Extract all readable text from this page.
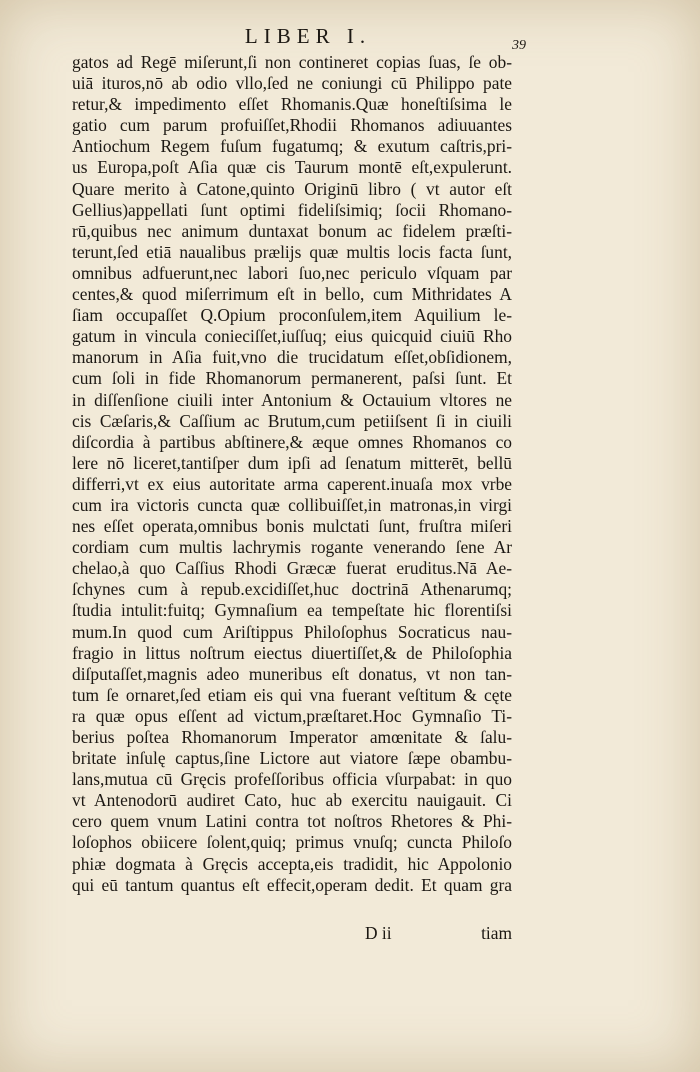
LIBER I.	39
gatos ad Regē miſerunt,ſi non contineret copias ſuas, ſe ob-
uiā ituros,nō ab odio vllo,ſed ne coniungi cū Philippo pate
retur,& impedimento eſſet Rhomanis.Quæ honeſtiſsima le
gatio cum parum profuiſſet,Rhodii Rhomanos adiuuantes
Antiochum Regem fuſum fugatumq; & exutum caſtris,pri-
us Europa,poſt Aſia quæ cis Taurum montē eſt,expulerunt.
Quare merito à Catone,quinto Originū libro ( vt autor eſt
Gellius)appellati ſunt optimi fideliſsimiq; ſocii Rhomano-
rū,quibus nec animum duntaxat bonum ac fidelem præſti-
terunt,ſed etiā naualibus prælijs quæ multis locis facta ſunt,
omnibus adfuerunt,nec labori ſuo,nec periculo vſquam par
centes,& quod miſerrimum eſt in bello, cum Mithridates A
ſiam occupaſſet Q.Opium proconſulem,item Aquilium le-
gatum in vincula conieciſſet,iuſſuq; eius quicquid ciuiū Rho
manorum in Aſia fuit,vno die trucidatum eſſet,obſidionem,
cum ſoli in fide Rhomanorum permanerent, paſsi ſunt. Et
in diſſenſione ciuili inter Antonium & Octauium vltores ne
cis Cæſaris,& Caſſium ac Brutum,cum petiiſsent ſi in ciuili
diſcordia à partibus abſtinere,& æque omnes Rhomanos co
lere nō liceret,tantiſper dum ipſi ad ſenatum mitterēt, bellū
differri,vt ex eius autoritate arma caperent.inuaſa mox vrbe
cum ira victoris cuncta quæ collibuiſſet,in matronas,in virgi
nes eſſet operata,omnibus bonis mulctati ſunt, fruſtra miſeri
cordiam cum multis lachrymis rogante venerando ſene Ar
chelao,à quo Caſſius Rhodi Græcæ fuerat eruditus.Nā Ae-
ſchynes cum à repub.excidiſſet,huc doctrinā Athenarumq;
ſtudia intulit:fuitq; Gymnaſium ea tempeſtate hic florentiſsi
mum.In quod cum Ariſtippus Philoſophus Socraticus nau-
fragio in littus noſtrum eiectus diuertiſſet,& de Philoſophia
diſputaſſet,magnis adeo muneribus eſt donatus, vt non tan-
tum ſe ornaret,ſed etiam eis qui vna fuerant veſtitum & cęte
ra quæ opus eſſent ad victum,præſtaret.Hoc Gymnaſio Ti-
berius poſtea Rhomanorum Imperator amœnitate & ſalu-
britate inſulę captus,ſine Lictore aut viatore ſæpe obambu-
lans,mutua cū Gręcis profeſſoribus officia vſurpabat: in quo
vt Antenodorū audiret Cato, huc ab exercitu nauigauit. Ci
cero quem vnum Latini contra tot noſtros Rhetores & Phi-
loſophos obiicere ſolent,quiq; primus vnuſq; cuncta Philoſo
phiæ dogmata à Gręcis accepta,eis tradidit, hic Appolonio
qui eū tantum quantus eſt effecit,operam dedit. Et quam gra
D ii	tiam
